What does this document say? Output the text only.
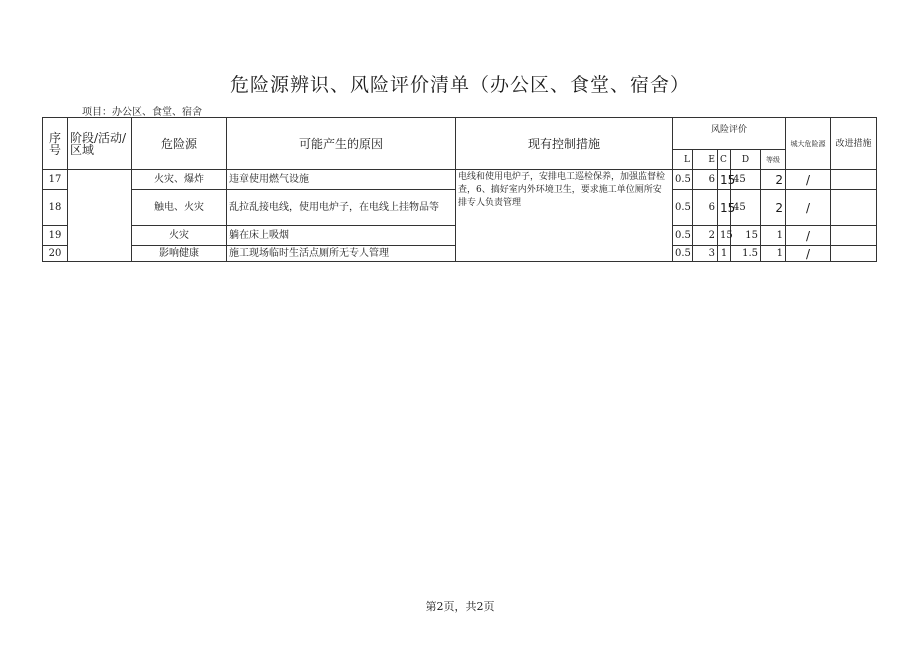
危险源辨识、风险评价清单（办公区、食堂、宿舍）
项目：办公区、食堂、宿舍
序号	阶段/活动/区域	危险源	可能产生的原因	现有控制措施	风险评价					城大危险源	改进措施
					L	E	C	D	等级		
17		火灾、爆炸	违章使用燃气设施	电线和使用电炉子，安排电工巡检保养，加强监督检查，6、搞好室内外环境卫生，要求施工单位厕所安排专人负责管理	0.5	6	15	45	2	/	
18		触电、火灾	乱拉乱接电线，使用电炉子，在电线上挂物品等		0.5	6	15	45	2	/	
19		火灾	躺在床上吸烟		0.5	2	15	15	1	/	
20		影响健康	施工现场临时生活点厕所无专人管理		0.5	3	1	1.5	1	/	
第2页，共2页
